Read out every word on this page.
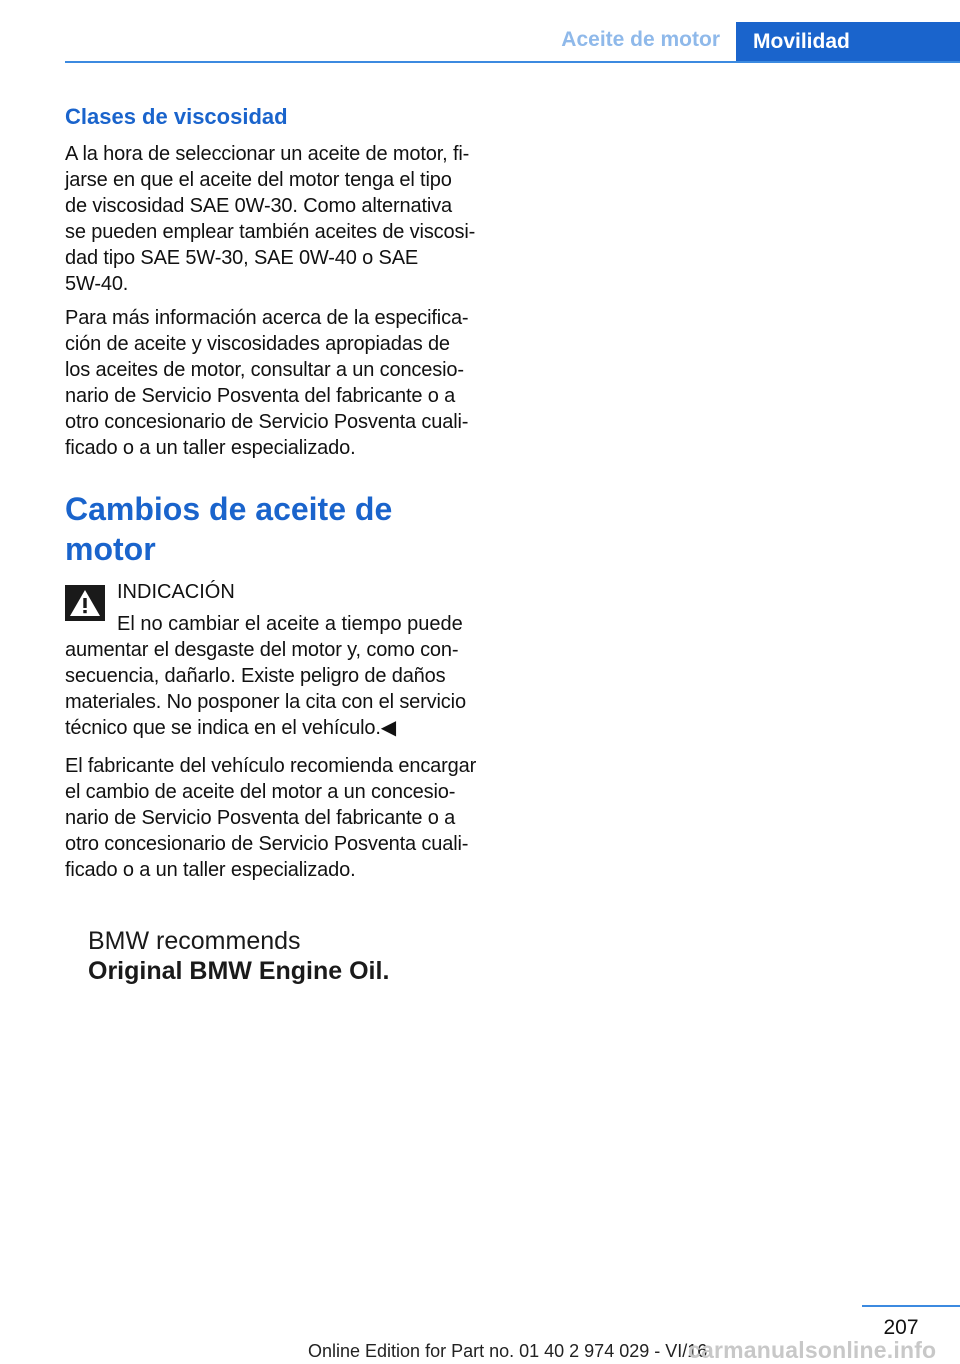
Aceite de motor Movilidad
Clases de viscosidad

A la hora de seleccionar un aceite de motor, fi-
jarse en que el aceite del motor tenga el tipo
de viscosidad SAE 0W-30. Como alternativa
se pueden emplear también aceites de viscosi-
dad tipo SAE 5W-30, SAE 0W-40 o SAE
5W-40.

Para más información acerca de la especifica-
ción de aceite y viscosidades apropiadas de
los aceites de motor, consultar a un concesio-
nario de Servicio Posventa del fabricante o a
otro concesionario de Servicio Posventa cuali-
ficado o a un taller especializado.

Cambios de aceite de motor

INDICACIÓN

El no cambiar el aceite a tiempo puede

aumentar el desgaste del motor y, como con-
secuencia, dañarlo. Existe peligro de daños
materiales. No posponer la cita con el servicio
técnico que se indica en el vehículo.◀

El fabricante del vehículo recomienda encargar
el cambio de aceite del motor a un concesio-
nario de Servicio Posventa del fabricante o a
otro concesionario de Servicio Posventa cuali-
ficado o a un taller especializado.

BMW recommends
Original BMW Engine Oil.
207
Online Edition for Part no. 01 40 2 974 029 - VI/16
carmanualsonline.info
